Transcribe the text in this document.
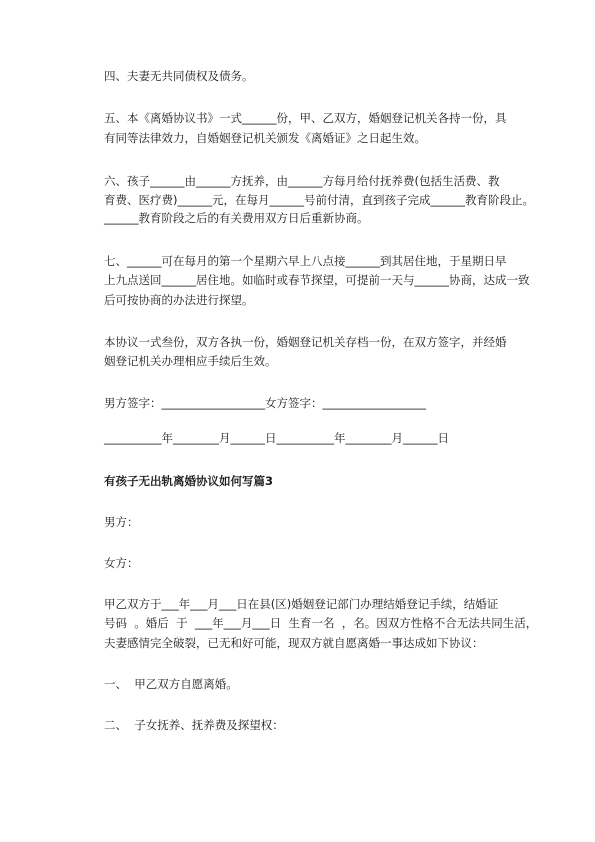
四、夫妻无共同债权及债务。
五、本《离婚协议书》一式______份，甲、乙双方，婚姻登记机关各持一份，具
有同等法律效力，自婚姻登记机关颁发《离婚证》之日起生效。
六、孩子______由______方抚养，由______方每月给付抚养费(包括生活费、教
育费、医疗费)______元，在每月______号前付清，直到孩子完成______教育阶段止。
______教育阶段之后的有关费用双方日后重新协商。
七、______可在每月的第一个星期六早上八点接______到其居住地，于星期日早
上九点送回______居住地。如临时或春节探望，可提前一天与______协商，达成一致
后可按协商的办法进行探望。
本协议一式叁份，双方各执一份，婚姻登记机关存档一份，在双方签字，并经婚
姻登记机关办理相应手续后生效。
男方签字：__________________女方签字：__________________
__________年________月______日__________年________月______日
有孩子无出轨离婚协议如何写篇3
男方：
女方：
甲乙双方于___年___月___日在县(区)婚姻登记部门办理结婚登记手续，结婚证
号码  。婚后  于  ___年___月___日  生育一名  ，名。因双方性格不合无法共同生活，
夫妻感情完全破裂，已无和好可能，现双方就自愿离婚一事达成如下协议：
一、  甲乙双方自愿离婚。
二、  子女抚养、抚养费及探望权：
